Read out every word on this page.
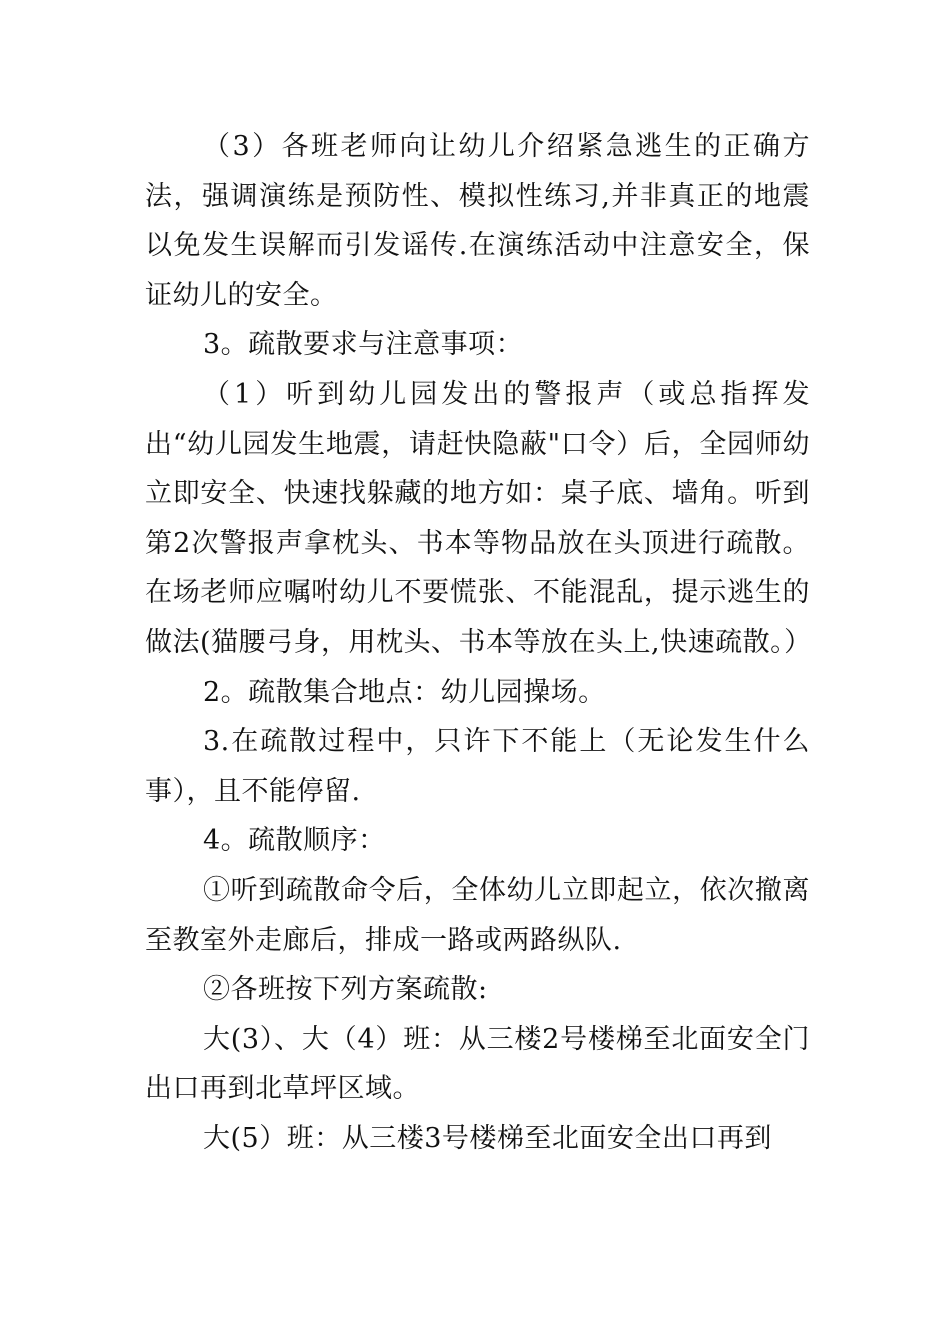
（3）各班老师向让幼儿介绍紧急逃生的正确方法，强调演练是预防性、模拟性练习,并非真正的地震以免发生误解而引发谣传.在演练活动中注意安全，保证幼儿的安全。

3。疏散要求与注意事项：

（1）听到幼儿园发出的警报声（或总指挥发出“幼儿园发生地震，请赶快隐蔽"口令）后，全园师幼立即安全、快速找躲藏的地方如：桌子底、墙角。听到第2次警报声拿枕头、书本等物品放在头顶进行疏散。在场老师应嘱咐幼儿不要慌张、不能混乱，提示逃生的做法(猫腰弓身，用枕头、书本等放在头上,快速疏散。）

2。疏散集合地点：幼儿园操场。

3.在疏散过程中，只许下不能上（无论发生什么事），且不能停留.

4。疏散顺序：

①听到疏散命令后，全体幼儿立即起立，依次撤离至教室外走廊后，排成一路或两路纵队.

②各班按下列方案疏散:

大(3）、大（4）班：从三楼2号楼梯至北面安全门出口再到北草坪区域。

大(5）班：从三楼3号楼梯至北面安全出口再到
